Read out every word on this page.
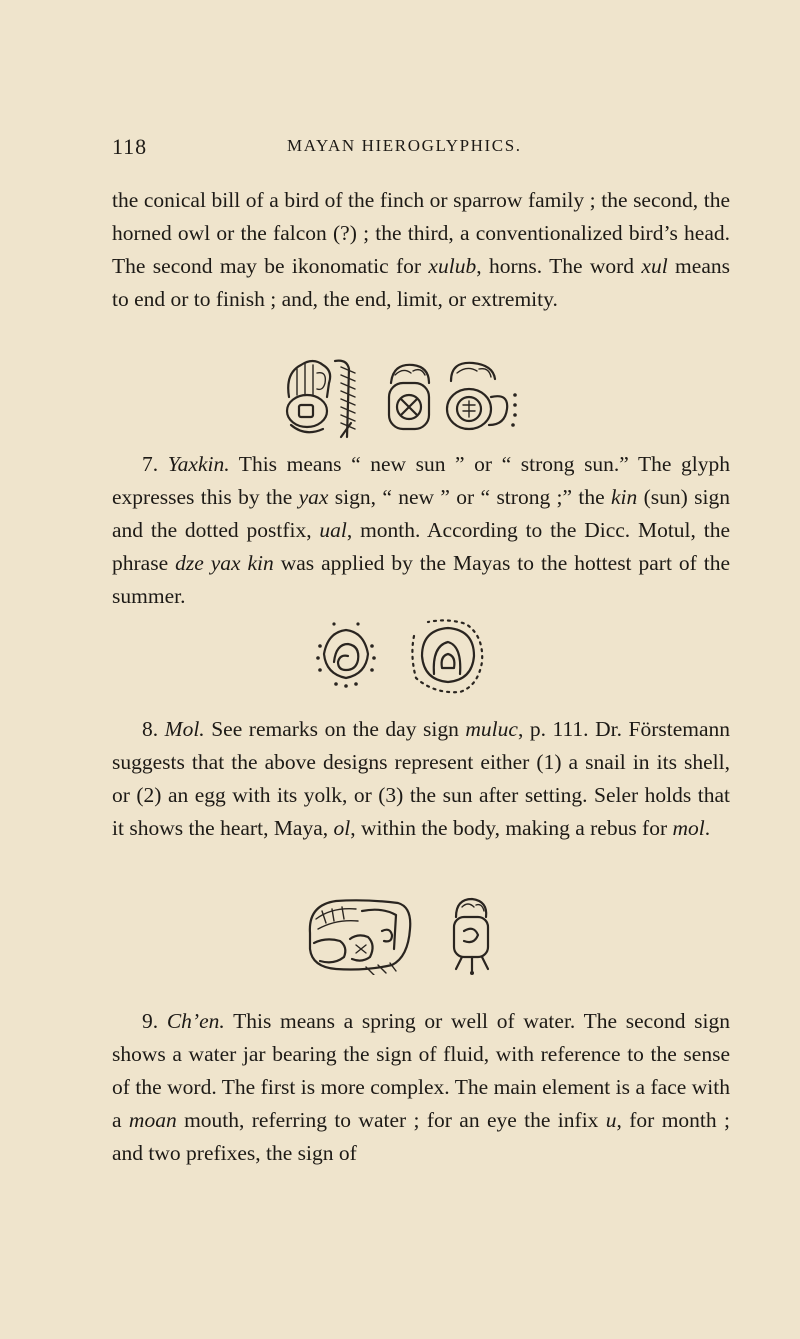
118	MAYAN HIEROGLYPHICS.

the conical bill of a bird of the finch or sparrow family ; the second, the horned owl or the falcon (?) ; the third, a conventionalized bird’s head. The second may be ikonomatic for xulub, horns. The word xul means to end or to finish ; and, the end, limit, or extremity.

7. Yaxkin. This means “ new sun ” or “ strong sun.” The glyph expresses this by the yax sign, “ new ” or “ strong ;” the kin (sun) sign and the dotted postfix, ual, month. According to the Dicc. Motul, the phrase dze yax kin was applied by the Mayas to the hottest part of the summer.

8. Mol. See remarks on the day sign muluc, p. 111. Dr. Förstemann suggests that the above designs represent either (1) a snail in its shell, or (2) an egg with its yolk, or (3) the sun after setting. Seler holds that it shows the heart, Maya, ol, within the body, making a rebus for mol.

9. Ch’en. This means a spring or well of water. The second sign shows a water jar bearing the sign of fluid, with reference to the sense of the word. The first is more complex. The main element is a face with a moan mouth, referring to water ; for an eye the infix u, for month ; and two prefixes, the sign of
